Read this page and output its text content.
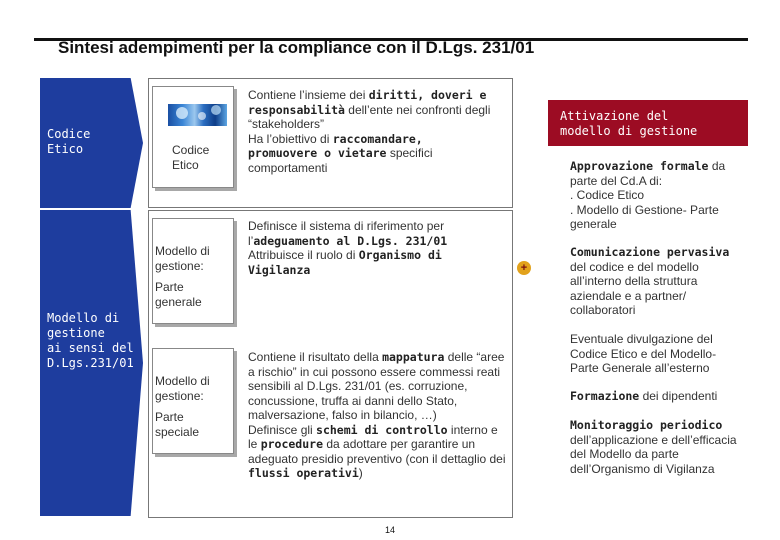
Sintesi adempimenti per la compliance con il D.Lgs. 231/01
Codice
Etico
Modello di
gestione
ai sensi del
D.Lgs.231/01
Codice
Etico
Modello di
gestione:
Parte
generale
Modello di
gestione:
Parte
speciale
Contiene l’insieme dei diritti, doveri e responsabilità dell’ente nei confronti degli “stakeholders”
Ha l’obiettivo di raccomandare, promuovere o vietare specifici comportamenti
Definisce il sistema di riferimento per l’adeguamento al D.Lgs. 231/01
Attribuisce il ruolo di Organismo di Vigilanza
Contiene il risultato della mappatura delle “aree a rischio” in cui possono essere commessi reati sensibili al D.Lgs. 231/01 (es. corruzione, concussione, truffa ai danni dello Stato, malversazione, falso in bilancio, …)
Definisce gli schemi di controllo interno e le procedure da adottare per garantire un adeguato presidio preventivo (con il dettaglio dei flussi operativi)
+
Attivazione del
modello di gestione
Approvazione formale da parte del Cd.A di:
. Codice Etico
. Modello di Gestione- Parte generale
Comunicazione pervasiva del codice e del modello all’interno della struttura aziendale e a partner/ collaboratori
Eventuale divulgazione del Codice Etico e del Modello- Parte Generale all’esterno
Formazione dei dipendenti
Monitoraggio periodico dell’applicazione e dell’efficacia del Modello da parte dell’Organismo di Vigilanza
14
